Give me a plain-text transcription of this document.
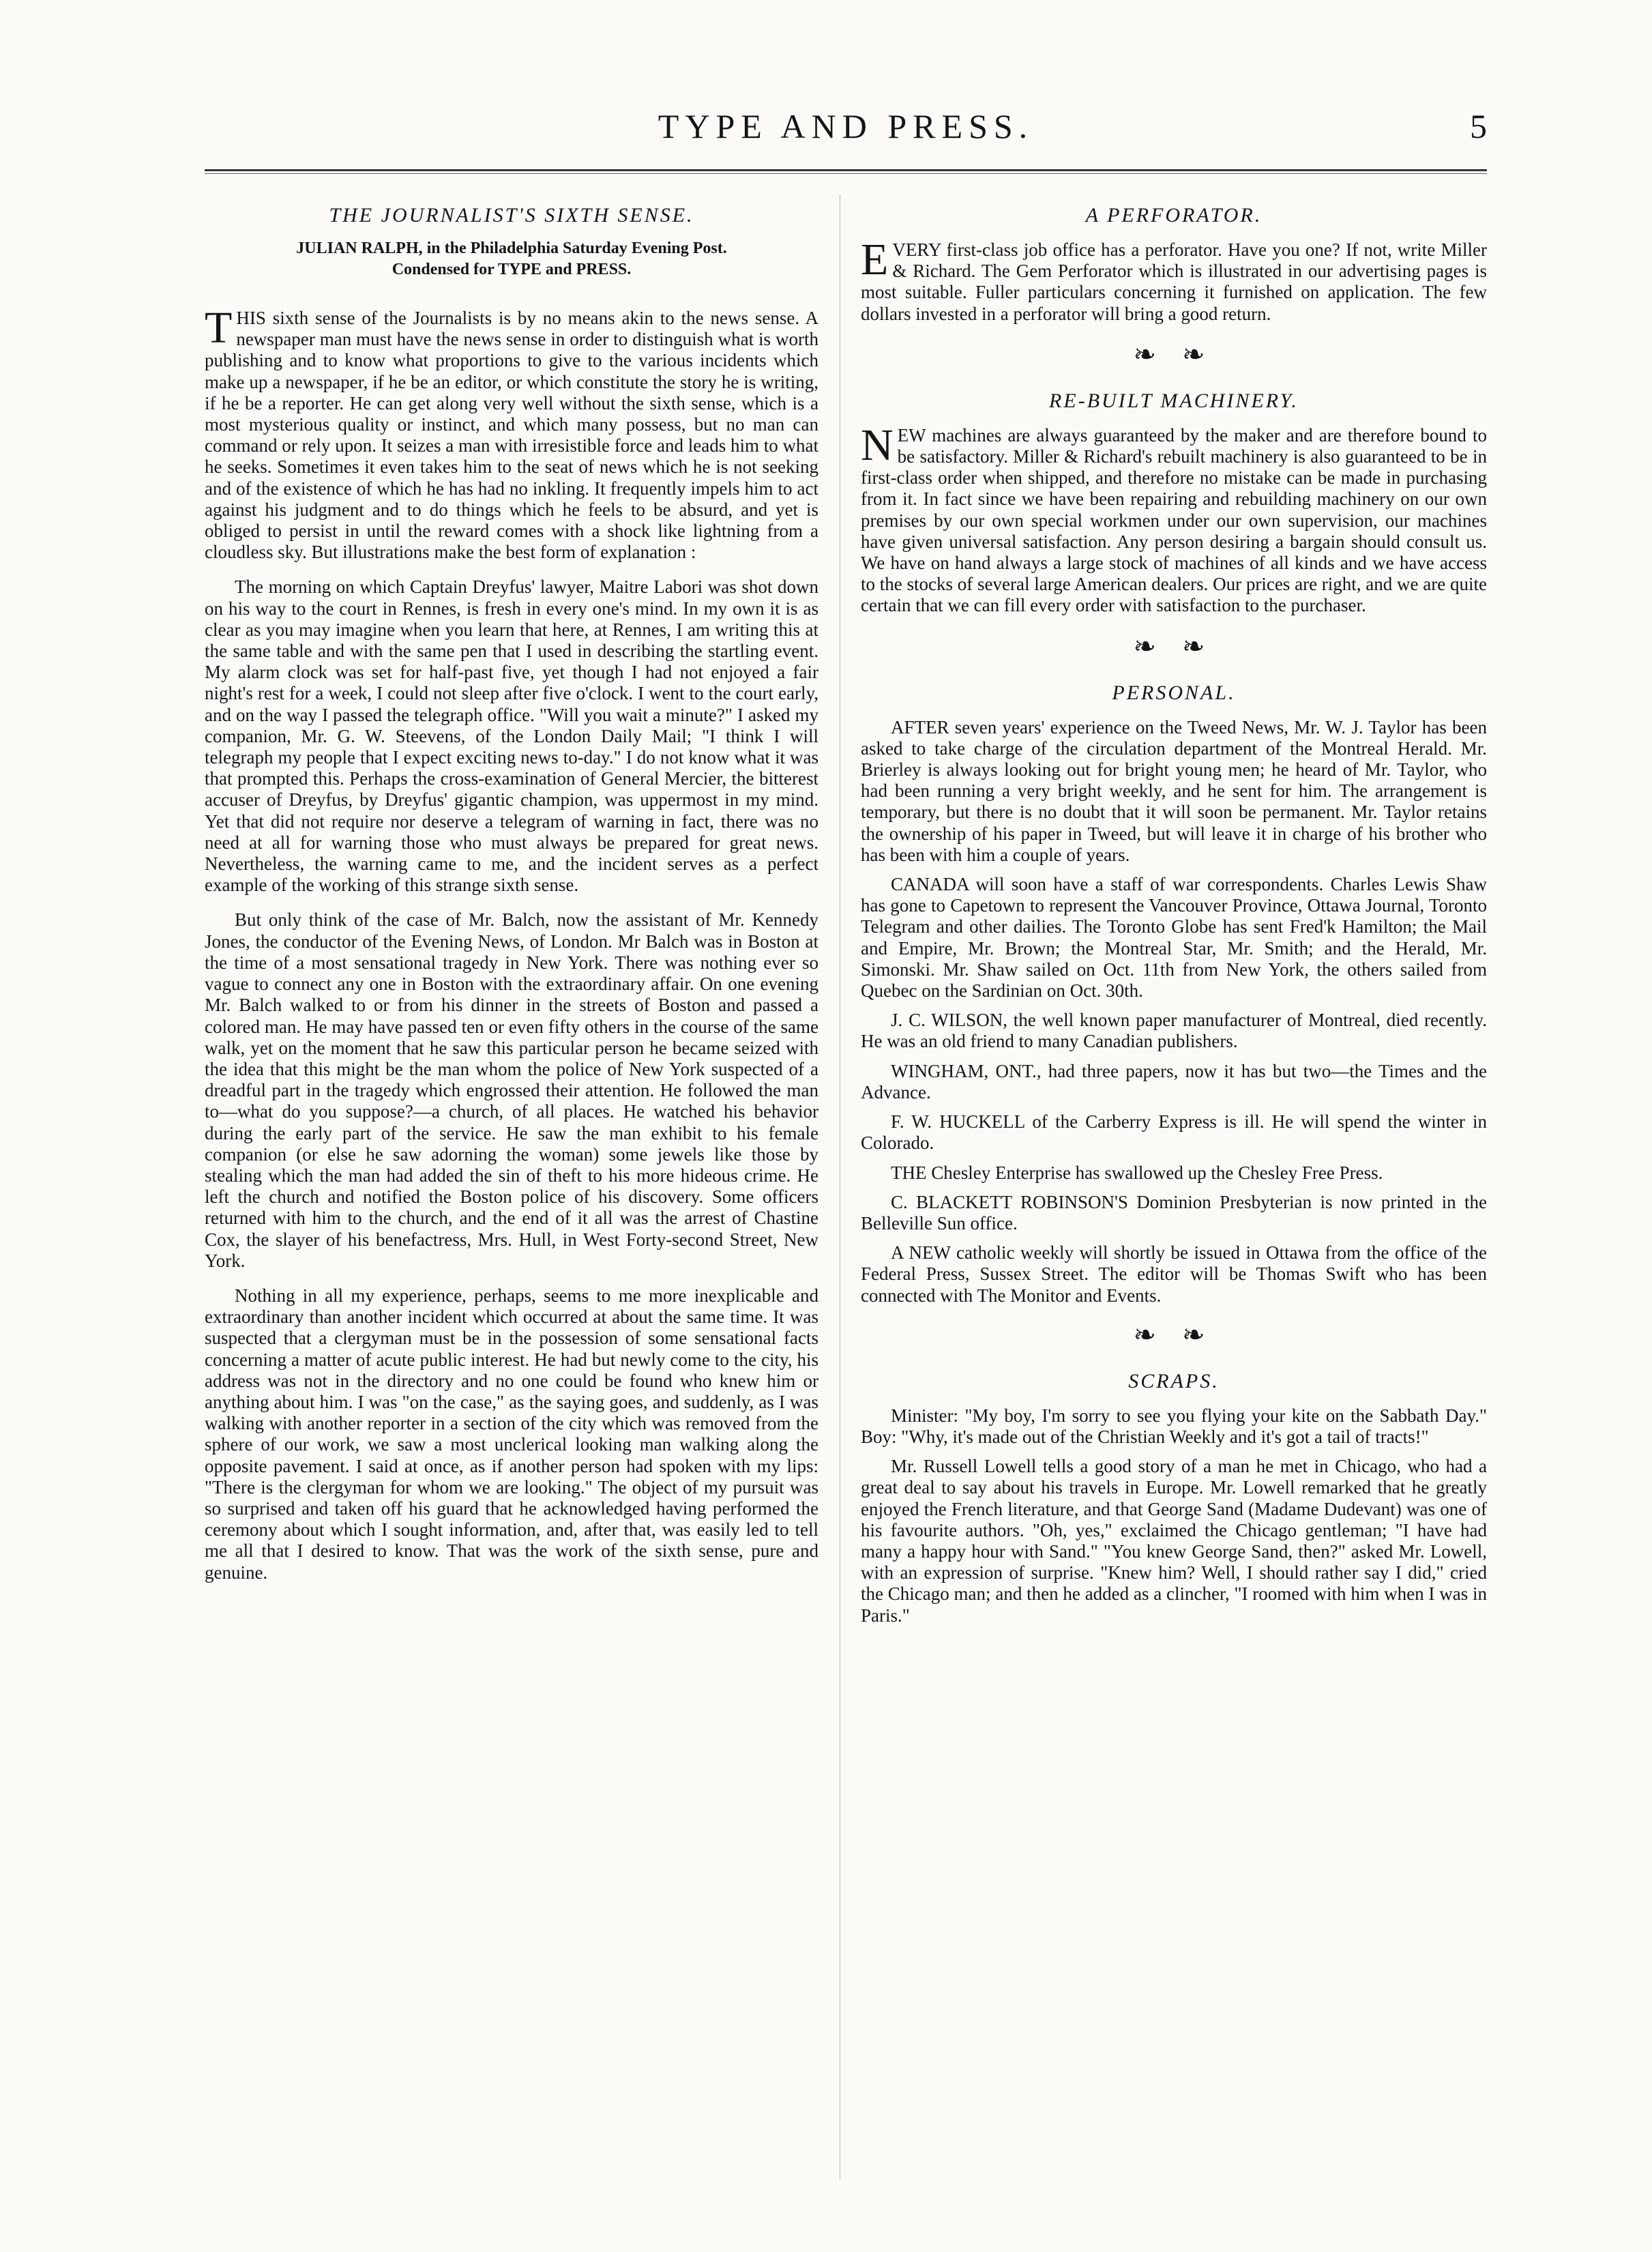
TYPE AND PRESS.	5
THE JOURNALIST'S SIXTH SENSE.
JULIAN RALPH, in the Philadelphia Saturday Evening Post.
Condensed for TYPE and PRESS.

THIS sixth sense of the Journalists is by no means akin to the news sense. A newspaper man must have the news sense in order to distinguish what is worth publishing and to know what proportions to give to the various incidents which make up a newspaper, if he be an editor, or which constitute the story he is writing, if he be a reporter. He can get along very well without the sixth sense, which is a most mysterious quality or instinct, and which many possess, but no man can command or rely upon. It seizes a man with irresistible force and leads him to what he seeks. Sometimes it even takes him to the seat of news which he is not seeking and of the existence of which he has had no inkling. It frequently impels him to act against his judgment and to do things which he feels to be absurd, and yet is obliged to persist in until the reward comes with a shock like lightning from a cloudless sky. But illustrations make the best form of explanation :

The morning on which Captain Dreyfus' lawyer, Maitre Labori was shot down on his way to the court in Rennes, is fresh in every one's mind. In my own it is as clear as you may imagine when you learn that here, at Rennes, I am writing this at the same table and with the same pen that I used in describing the startling event. My alarm clock was set for half-past five, yet though I had not enjoyed a fair night's rest for a week, I could not sleep after five o'clock. I went to the court early, and on the way I passed the telegraph office. "Will you wait a minute?" I asked my companion, Mr. G. W. Steevens, of the London Daily Mail; "I think I will telegraph my people that I expect exciting news to-day." I do not know what it was that prompted this. Perhaps the cross-examination of General Mercier, the bitterest accuser of Dreyfus, by Dreyfus' gigantic champion, was uppermost in my mind. Yet that did not require nor deserve a telegram of warning in fact, there was no need at all for warning those who must always be prepared for great news. Nevertheless, the warning came to me, and the incident serves as a perfect example of the working of this strange sixth sense.

But only think of the case of Mr. Balch, now the assistant of Mr. Kennedy Jones, the conductor of the Evening News, of London. Mr Balch was in Boston at the time of a most sensational tragedy in New York. There was nothing ever so vague to connect any one in Boston with the extraordinary affair. On one evening Mr. Balch walked to or from his dinner in the streets of Boston and passed a colored man. He may have passed ten or even fifty others in the course of the same walk, yet on the moment that he saw this particular person he became seized with the idea that this might be the man whom the police of New York suspected of a dreadful part in the tragedy which engrossed their attention. He followed the man to—what do you suppose?—a church, of all places. He watched his behavior during the early part of the service. He saw the man exhibit to his female companion (or else he saw adorning the woman) some jewels like those by stealing which the man had added the sin of theft to his more hideous crime. He left the church and notified the Boston police of his discovery. Some officers returned with him to the church, and the end of it all was the arrest of Chastine Cox, the slayer of his benefactress, Mrs. Hull, in West Forty-second Street, New York.

Nothing in all my experience, perhaps, seems to me more inexplicable and extraordinary than another incident which occurred at about the same time. It was suspected that a clergyman must be in the possession of some sensational facts concerning a matter of acute public interest. He had but newly come to the city, his address was not in the directory and no one could be found who knew him or anything about him. I was "on the case," as the saying goes, and suddenly, as I was walking with another reporter in a section of the city which was removed from the sphere of our work, we saw a most unclerical looking man walking along the opposite pavement. I said at once, as if another person had spoken with my lips: "There is the clergyman for whom we are looking." The object of my pursuit was so surprised and taken off his guard that he acknowledged having performed the ceremony about which I sought information, and, after that, was easily led to tell me all that I desired to know. That was the work of the sixth sense, pure and genuine.

A PERFORATOR.

EVERY first-class job office has a perforator. Have you one? If not, write Miller & Richard. The Gem Perforator which is illustrated in our advertising pages is most suitable. Fuller particulars concerning it furnished on application. The few dollars invested in a perforator will bring a good return.

❧ ❧
RE-BUILT MACHINERY.

NEW machines are always guaranteed by the maker and are therefore bound to be satisfactory. Miller & Richard's rebuilt machinery is also guaranteed to be in first-class order when shipped, and therefore no mistake can be made in purchasing from it. In fact since we have been repairing and rebuilding machinery on our own premises by our own special workmen under our own supervision, our machines have given universal satisfaction. Any person desiring a bargain should consult us. We have on hand always a large stock of machines of all kinds and we have access to the stocks of several large American dealers. Our prices are right, and we are quite certain that we can fill every order with satisfaction to the purchaser.

❧ ❧
PERSONAL.

AFTER seven years' experience on the Tweed News, Mr. W. J. Taylor has been asked to take charge of the circulation department of the Montreal Herald. Mr. Brierley is always looking out for bright young men; he heard of Mr. Taylor, who had been running a very bright weekly, and he sent for him. The arrangement is temporary, but there is no doubt that it will soon be permanent. Mr. Taylor retains the ownership of his paper in Tweed, but will leave it in charge of his brother who has been with him a couple of years.

CANADA will soon have a staff of war correspondents. Charles Lewis Shaw has gone to Capetown to represent the Vancouver Province, Ottawa Journal, Toronto Telegram and other dailies. The Toronto Globe has sent Fred'k Hamilton; the Mail and Empire, Mr. Brown; the Montreal Star, Mr. Smith; and the Herald, Mr. Simonski. Mr. Shaw sailed on Oct. 11th from New York, the others sailed from Quebec on the Sardinian on Oct. 30th.

J. C. WILSON, the well known paper manufacturer of Montreal, died recently. He was an old friend to many Canadian publishers.

WINGHAM, ONT., had three papers, now it has but two—the Times and the Advance.

F. W. HUCKELL of the Carberry Express is ill. He will spend the winter in Colorado.

THE Chesley Enterprise has swallowed up the Chesley Free Press.

C. BLACKETT ROBINSON'S Dominion Presbyterian is now printed in the Belleville Sun office.

A NEW catholic weekly will shortly be issued in Ottawa from the office of the Federal Press, Sussex Street. The editor will be Thomas Swift who has been connected with The Monitor and Events.

❧ ❧
SCRAPS.

Minister: "My boy, I'm sorry to see you flying your kite on the Sabbath Day." Boy: "Why, it's made out of the Christian Weekly and it's got a tail of tracts!"

Mr. Russell Lowell tells a good story of a man he met in Chicago, who had a great deal to say about his travels in Europe. Mr. Lowell remarked that he greatly enjoyed the French literature, and that George Sand (Madame Dudevant) was one of his favourite authors. "Oh, yes," exclaimed the Chicago gentleman; "I have had many a happy hour with Sand." "You knew George Sand, then?" asked Mr. Lowell, with an expression of surprise. "Knew him? Well, I should rather say I did," cried the Chicago man; and then he added as a clincher, "I roomed with him when I was in Paris."
